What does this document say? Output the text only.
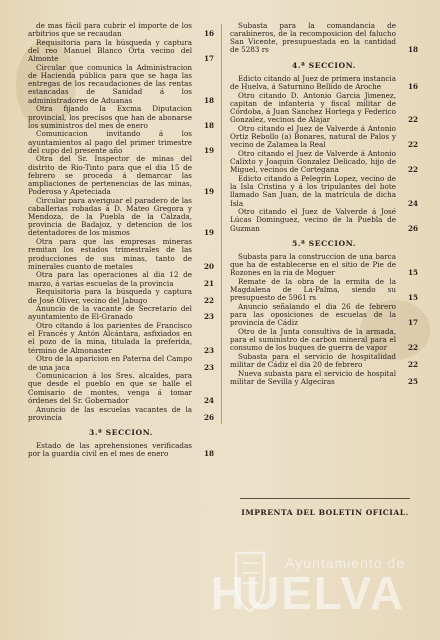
de mas fácil para cubrir el importe de los arbitrios que se recaudan	16
Requisitoria para la búsqueda y captura del reo Manuel Blanco Orta vecino del Almonte	17
Circular que comunica la Administracion de Hacienda pública para que se haga las entregas de los recaudaciones de las rentas estancadas de Sanidad á los administradores de Aduanas	18
Otra fijando la Excma Diputacion provincial, los precisos que han de abonarse los suministros del mes de enero	18
Comunicacion invitando á los ayuntamientos al pago del primer trimestre del cupo del presente año	19
Otra del Sr. Inspector de minas del distrito de Rio-Tinto para que el dia 15 de febrero se proceda á demarcar las ampliaciones de pertenencias de las minas, Poderosa y Apeteciada	19
Circular para averiguar el paradero de las caballerias robadas á D. Mateo Gregora y Mendoza, de la Puebla de la Calzada, provincia de Badajoz, y detencion de los detentadores de los mismos	19
Otra para que las empresas mineras remitan los estados trimestrales de las producciones de sus minas, tanto de minerales cuanto de metales	20
Otra para las operaciones al dia 12 de marzo, á varias escuelas de la provincia	21
Requisitoria para la búsqueda y captura de José Oliver, vecino del Jabugo	22
Anuncio de la vacante de Secretario del ayuntamiento de El-Granado	23
Otro citando á los parientes de Francisco el Francés y Antón Alcántara, asfixiados en el pozo de la mina, titulada la preferida, término de Almonaster	23
Otro de la aparicion en Paterna del Campo de una jaca	23
Comunicacion á los Sres. alcaldes, para que desde el pueblo en que se halle el Comisario de montes, venga á tomar órdenes del Sr. Gobernador	24
Anuncio de las escuelas vacantes de la provincia	26
3.ª SECCION.
Estado de las aprehensiones verificadas por la guardia civil en el mes de enero	18
Subasta para la comandancia de carabineros, de la recomposicion del falucho San Vicente, presupuestada en la cantidad de 5283 rs	18
4.ª SECCION.
Edicto citando al Juez de primera instancia de Huelva, á Saturnino Bellido de Aroche	16
Otro citando D. Antonio Garcia Jimenez, capitan de infanteria y fiscal militar de Córdoba, á Juan Sanchez Hortega y Federico Gonzalez, vecinos de Alajar	22
Otro citando el Juez de Valverde á Antonio Ortiz Rebollo (a) Bonares, natural de Palos y vecino de Zalamea la Real	22
Otro citando el Juez de Valverde á Antonio Calixto y Joaquin Gonzalez Delicado, hijo de Miguel, vecinos de Cortegana	22
Edicto citando á Pelegrin Lopez, vecino de la Isla Cristina y á los tripulantes del bote llamado San Juan, de la matrícula de dicha Isla	24
Otro citando el Juez de Valverde á José Lúcas Dominguez, vecino de la Puebla de Guzman	26
5.ª SECCION.
Subasta para la construccion de una barca que ha de establecerse en el sitio de Pie de Rozones en la ria de Moguer	15
Remate de la obra de la ermita de la Magdalena de La-Palma, siendo su presupuesto de 5961 rs	15
Anuncio señalando el dia 26 de febrero para las oposiciones de escuelas de la provincia de Cádiz	17
Otro de la Junta consultiva de la armada, para el suministro de carbon mineral para el consumo de los buques de guerra de vapor	22
Subasta para el servicio de hospitalidad militar de Cádiz el dia 20 de febrero	22
Nueva subasta para el servicio de hospital militar de Sevilla y Algeciras	25
IMPRENTA DEL BOLETIN OFICIAL.
Ayuntamiento de
HUELVA
